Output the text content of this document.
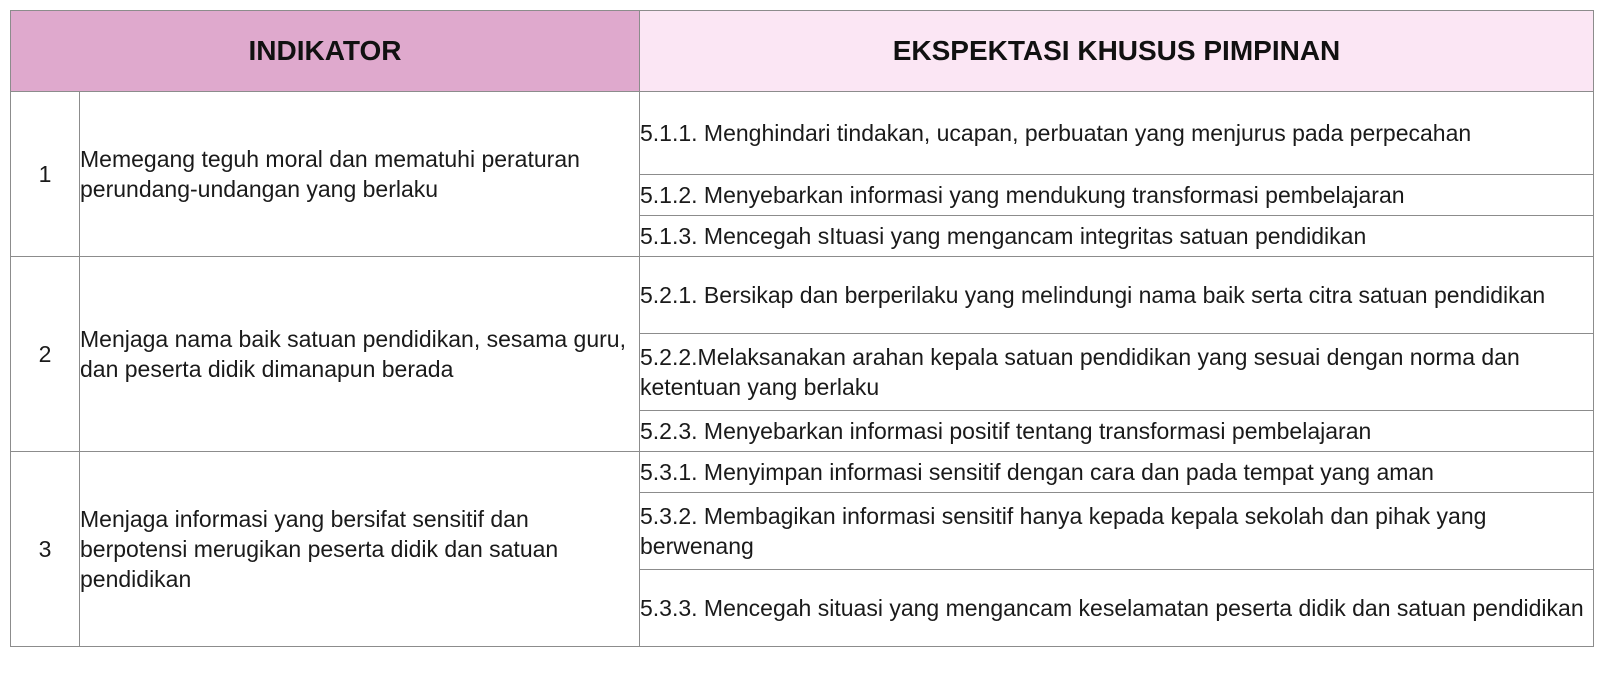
INDIKATOR		EKSPEKTASI KHUSUS PIMPINAN
1	Memegang teguh moral dan mematuhi peraturan perundang-undangan yang berlaku	5.1.1. Menghindari tindakan, ucapan, perbuatan yang menjurus pada perpecahan
		5.1.2. Menyebarkan informasi yang mendukung transformasi pembelajaran
		5.1.3. Mencegah sItuasi yang mengancam integritas satuan pendidikan
2	Menjaga nama baik satuan pendidikan, sesama guru, dan peserta didik dimanapun berada	5.2.1. Bersikap dan berperilaku yang melindungi nama baik serta citra satuan pendidikan
		5.2.2.Melaksanakan arahan kepala satuan pendidikan yang sesuai dengan norma dan ketentuan yang berlaku
		5.2.3. Menyebarkan informasi positif tentang transformasi pembelajaran
3	Menjaga informasi yang bersifat sensitif dan berpotensi merugikan peserta didik dan satuan pendidikan	5.3.1. Menyimpan informasi sensitif dengan cara dan pada tempat yang aman
		5.3.2. Membagikan informasi sensitif hanya kepada kepala sekolah dan pihak yang berwenang
		5.3.3. Mencegah situasi yang mengancam keselamatan peserta didik dan satuan pendidikan
